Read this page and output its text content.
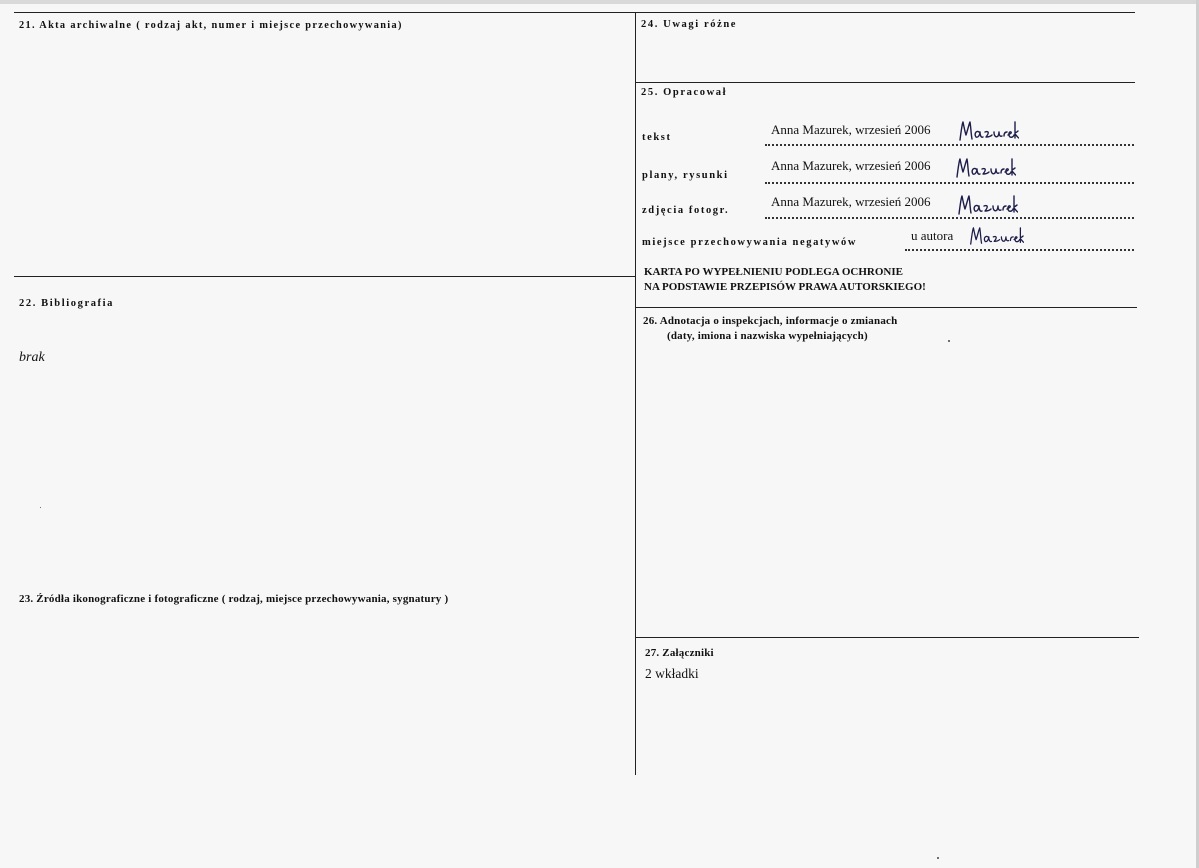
21. Akta archiwalne ( rodzaj akt, numer i miejsce przechowywania)
22. Bibliografia
brak
23. Źródła ikonograficzne i fotograficzne ( rodzaj, miejsce przechowywania, sygnatury )
24. Uwagi różne
25. Opracował
tekst
Anna Mazurek, wrzesień 2006
plany, rysunki
Anna Mazurek, wrzesień 2006
zdjęcia fotogr.
Anna Mazurek, wrzesień 2006
miejsce przechowywania negatywów	u autora
KARTA PO WYPEŁNIENIU PODLEGA OCHRONIE
NA PODSTAWIE PRZEPISÓW PRAWA AUTORSKIEGO!
26. Adnotacja o inspekcjach, informacje o zmianach
(daty, imiona i nazwiska wypełniających)
27. Załączniki
2 wkładki
